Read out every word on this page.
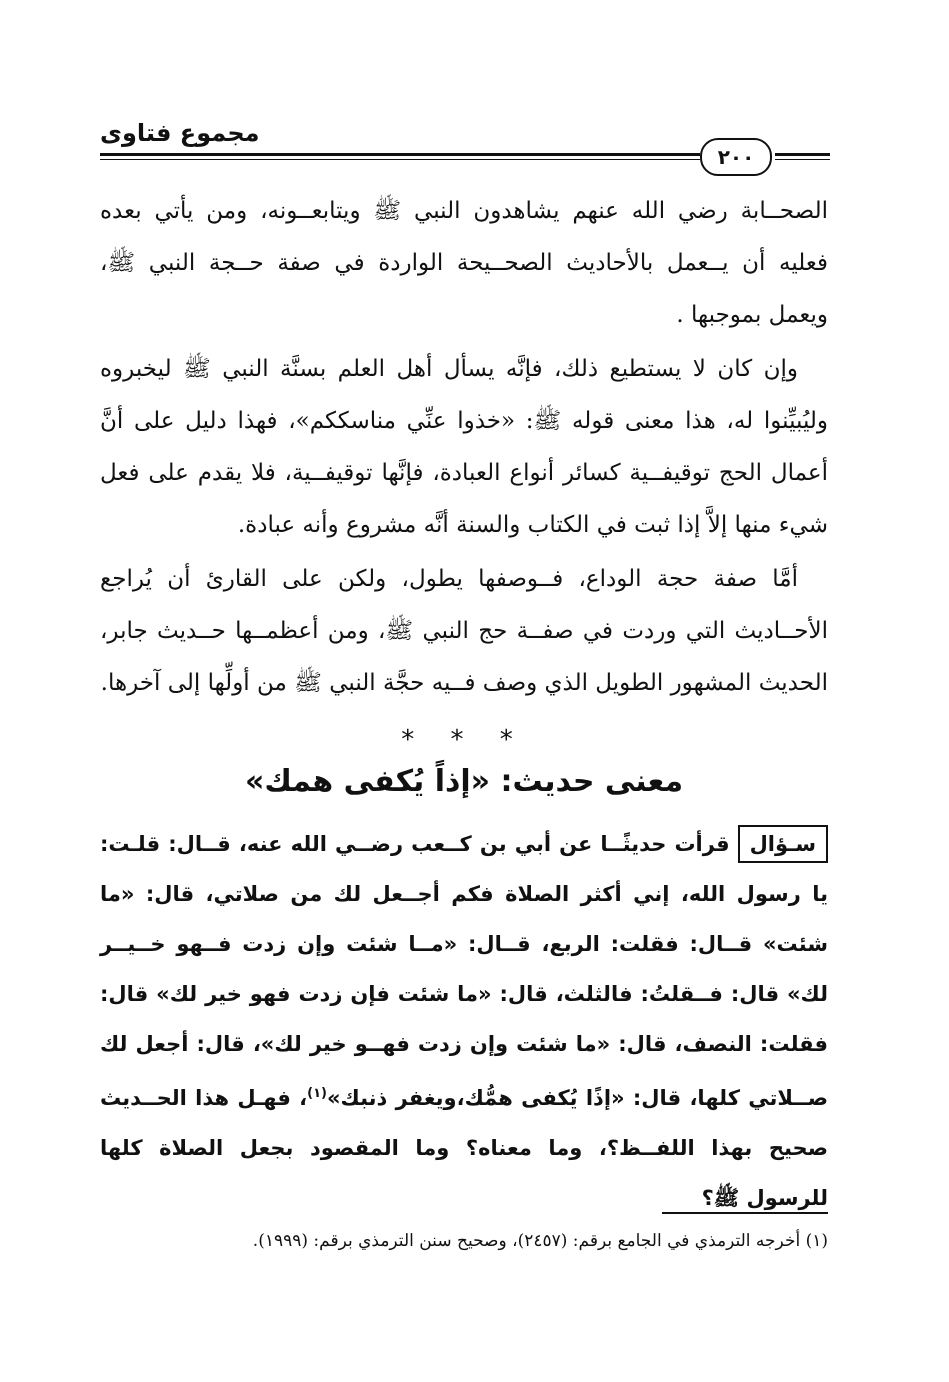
مجموع فتاوى
٢٠٠

الصحــابة رضي الله عنهم يشاهدون النبي ﷺ ويتابعــونه، ومن يأتي بعده فعليه أن يــعمل بالأحاديث الصحــيحة الواردة في صفة حــجة النبي ﷺ، ويعمل بموجبها .

وإن كان لا يستطيع ذلك، فإنَّه يسأل أهل العلم بسنَّة النبي ﷺ ليخبروه وليُبيِّنوا له، هذا معنى قوله ﷺ: «خذوا عنِّي مناسككم»، فهذا دليل على أنَّ أعمال الحج توقيفــية كسائر أنواع العبادة، فإنَّها توقيفــية، فلا يقدم على فعل شيء منها إلاَّ إذا ثبت في الكتاب والسنة أنَّه مشروع وأنه عبادة.

أمَّا صفة حجة الوداع، فــوصفها يطول، ولكن على القارئ أن يُراجع الأحــاديث التي وردت في صفــة حج النبي ﷺ، ومن أعظمــها حــديث جابر، الحديث المشهور الطويل الذي وصف فــيه حجَّة النبي ﷺ من أولِّها إلى آخرها.

* * *
معنى حديث: «إذاً يُكفى همك»
سـؤالقرأت حديثًــا عن أبي بن كــعب رضــي الله عنه، قــال: قلـت: يا رسول الله، إني أكثر الصلاة فكم أجــعل لك من صلاتي، قال: «ما شئت» قــال: فقلت: الربع، قــال: «مــا شئت وإن زدت فــهو خــيــر لك» قال: فــقلتُ: فالثلث، قال: «ما شئت فإن زدت فهو خير لك» قال: فقلت: النصف، قال: «ما شئت وإن زدت فهــو خير لك»، قال: أجعل لك صــلاتي كلها، قال: «إذًا يُكفى همُّك،ويغفر ذنبك»$^{(١)}$، فهـل هذا الحــديث صحيح بهذا اللفــظ؟، وما معناه؟ وما المقصود بجعل الصلاة كلها للرسول ﷺ؟
(١) أخرجه الترمذي في الجامع برقم: (٢٤٥٧)، وصحيح سنن الترمذي برقم: (١٩٩٩).
